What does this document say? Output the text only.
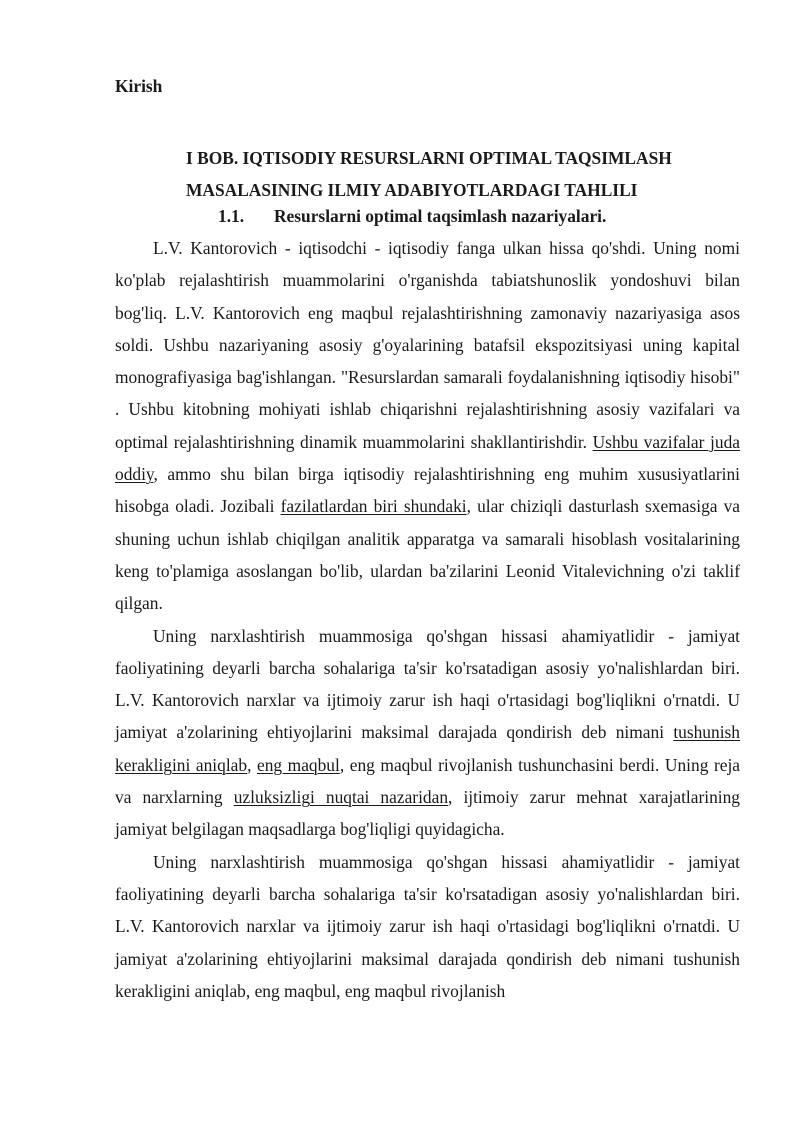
Kirish
I BOB. IQTISODIY RESURSLARNI OPTIMAL TAQSIMLASH
MASALASINING ILMIY ADABIYOTLARDAGI TAHLILI
1.1. Resurslarni optimal taqsimlash nazariyalari.

L.V. Kantorovich - iqtisodchi - iqtisodiy fanga ulkan hissa qo'shdi. Uning nomi ko'plab rejalashtirish muammolarini o'rganishda tabiatshunoslik yondoshuvi bilan bog'liq. L.V. Kantorovich eng maqbul rejalashtirishning zamonaviy nazariyasiga asos soldi. Ushbu nazariyaning asosiy g'oyalarining batafsil ekspozitsiyasi uning kapital monografiyasiga bag'ishlangan. "Resurslardan samarali foydalanishning iqtisodiy hisobi" . Ushbu kitobning mohiyati ishlab chiqarishni rejalashtirishning asosiy vazifalari va optimal rejalashtirishning dinamik muammolarini shakllantirishdir. Ushbu vazifalar juda oddiy, ammo shu bilan birga iqtisodiy rejalashtirishning eng muhim xususiyatlarini hisobga oladi. Jozibali fazilatlardan biri shundaki, ular chiziqli dasturlash sxemasiga va shuning uchun ishlab chiqilgan analitik apparatga va samarali hisoblash vositalarining keng to'plamiga asoslangan bo'lib, ulardan ba'zilarini Leonid Vitalevichning o'zi taklif qilgan.

Uning narxlashtirish muammosiga qo'shgan hissasi ahamiyatlidir - jamiyat faoliyatining deyarli barcha sohalariga ta'sir ko'rsatadigan asosiy yo'nalishlardan biri. L.V. Kantorovich narxlar va ijtimoiy zarur ish haqi o'rtasidagi bog'liqlikni o'rnatdi. U jamiyat a'zolarining ehtiyojlarini maksimal darajada qondirish deb nimani tushunish kerakligini aniqlab, eng maqbul, eng maqbul rivojlanish tushunchasini berdi. Uning reja va narxlarning uzluksizligi nuqtai nazaridan, ijtimoiy zarur mehnat xarajatlarining jamiyat belgilagan maqsadlarga bog'liqligi quyidagicha.

Uning narxlashtirish muammosiga qo'shgan hissasi ahamiyatlidir - jamiyat faoliyatining deyarli barcha sohalariga ta'sir ko'rsatadigan asosiy yo'nalishlardan biri. L.V. Kantorovich narxlar va ijtimoiy zarur ish haqi o'rtasidagi bog'liqlikni o'rnatdi. U jamiyat a'zolarining ehtiyojlarini maksimal darajada qondirish deb nimani tushunish kerakligini aniqlab, eng maqbul, eng maqbul rivojlanish
